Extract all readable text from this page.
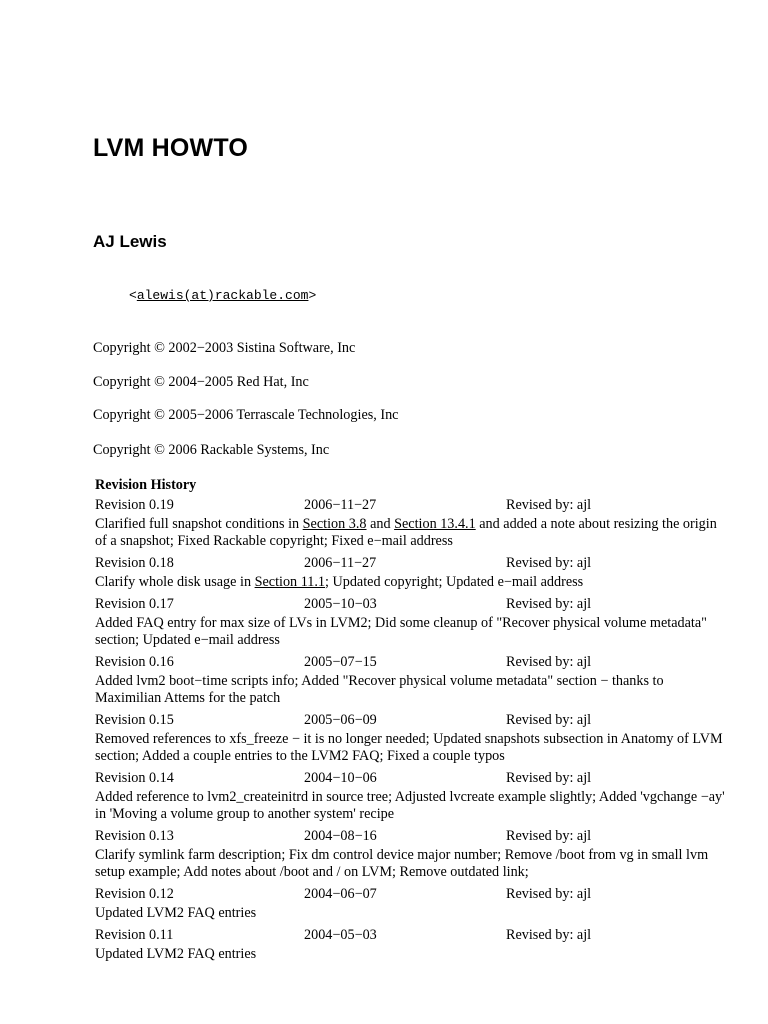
LVM HOWTO
AJ Lewis
<alewis(at)rackable.com>

Copyright © 2002−2003 Sistina Software, Inc

Copyright © 2004−2005 Red Hat, Inc

Copyright © 2005−2006 Terrascale Technologies, Inc

Copyright © 2006 Rackable Systems, Inc

Revision History
Revision 0.19	2006−11−27	Revised by: ajl

Clarified full snapshot conditions in Section 3.8 and Section 13.4.1 and added a note about resizing the origin of a snapshot; Fixed Rackable copyright; Fixed e−mail address

Revision 0.18	2006−11−27	Revised by: ajl

Clarify whole disk usage in Section 11.1; Updated copyright; Updated e−mail address

Revision 0.17	2005−10−03	Revised by: ajl

Added FAQ entry for max size of LVs in LVM2; Did some cleanup of "Recover physical volume metadata" section; Updated e−mail address

Revision 0.16	2005−07−15	Revised by: ajl

Added lvm2 boot−time scripts info; Added "Recover physical volume metadata" section − thanks to Maximilian Attems for the patch

Revision 0.15	2005−06−09	Revised by: ajl

Removed references to xfs_freeze − it is no longer needed; Updated snapshots subsection in Anatomy of LVM section; Added a couple entries to the LVM2 FAQ; Fixed a couple typos

Revision 0.14	2004−10−06	Revised by: ajl

Added reference to lvm2_createinitrd in source tree; Adjusted lvcreate example slightly; Added 'vgchange −ay' in 'Moving a volume group to another system' recipe

Revision 0.13	2004−08−16	Revised by: ajl

Clarify symlink farm description; Fix dm control device major number; Remove /boot from vg in small lvm setup example; Add notes about /boot and / on LVM; Remove outdated link;

Revision 0.12	2004−06−07	Revised by: ajl

Updated LVM2 FAQ entries

Revision 0.11	2004−05−03	Revised by: ajl

Updated LVM2 FAQ entries
